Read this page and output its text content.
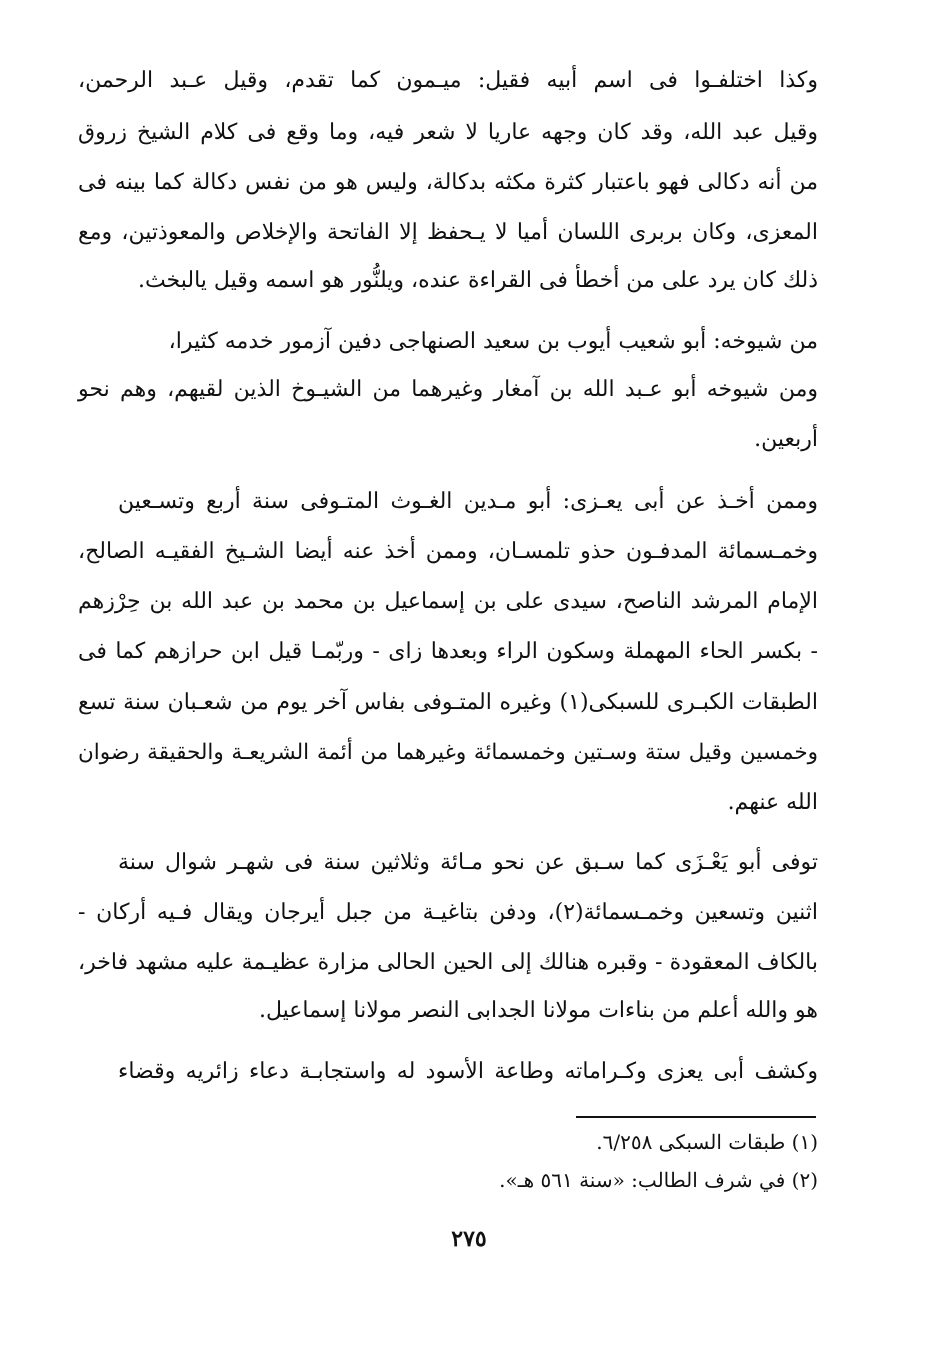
وكذا اختلفـوا فى اسم أبيه فقيل: ميـمون كما تقدم، وقيل عـبد الرحمن،
وقيل عبد الله، وقد كان وجهه عاريا لا شعر فيه، وما وقع فى كلام الشيخ زروق
من أنه دكالى فهو باعتبار كثرة مكثه بدكالة، وليس هو من نفس دكالة كما بينه فى
المعزى، وكان بربرى اللسان أميا لا يـحفظ إلا الفاتحة والإخلاص والمعوذتين، ومع
ذلك كان يرد على من أخطأ فى القراءة عنده، ويلنُّور هو اسمه وقيل يالبخث.
من شيوخه: أبو شعيب أيوب بن سعيد الصنهاجى دفين آزمور خدمه كثيرا،
ومن شيوخه أبو عـبد الله بن آمغار وغيرهما من الشيـوخ الذين لقيهم، وهم نحو
أربعين.
وممن أخـذ عن أبى يعـزى: أبو مـدين الغـوث المتـوفى سنة أربع وتسـعين
وخمـسمائة المدفـون حذو تلمسـان، وممن أخذ عنه أيضا الشـيخ الفقيـه الصالح،
الإمام المرشد الناصح، سيدى على بن إسماعيل بن محمد بن عبد الله بن حِرْزهم
- بكسر الحاء المهملة وسكون الراء وبعدها زاى - وربّمـا قيل ابن حرازهم كما فى
الطبقات الكبـرى للسبكى(١) وغيره المتـوفى بفاس آخر يوم من شعـبان سنة تسع
وخمسين وقيل ستة وسـتين وخمسمائة وغيرهما من أئمة الشريعـة والحقيقة رضوان
الله عنهم.
توفى أبو يَعْـزَى كما سـبق عن نحو مـائة وثلاثين سنة فى شهـر شوال سنة
اثنين وتسعين وخمـسمائة(٢)، ودفن بتاغيـة من جبل أيرجان ويقال فـيه أركان -
بالكاف المعقودة - وقبره هنالك إلى الحين الحالى مزارة عظيـمة عليه مشهد فاخر،
هو والله أعلم من بناءات مولانا الجدابى النصر مولانا إسماعيل.
وكشف أبى يعزى وكـراماته وطاعة الأسود له واستجابـة دعاء زائريه وقضاء
(١) طبقات السبكى ٦/٢٥٨.
(٢) في شرف الطالب: «سنة ٥٦١ هـ».
٢٧٥
